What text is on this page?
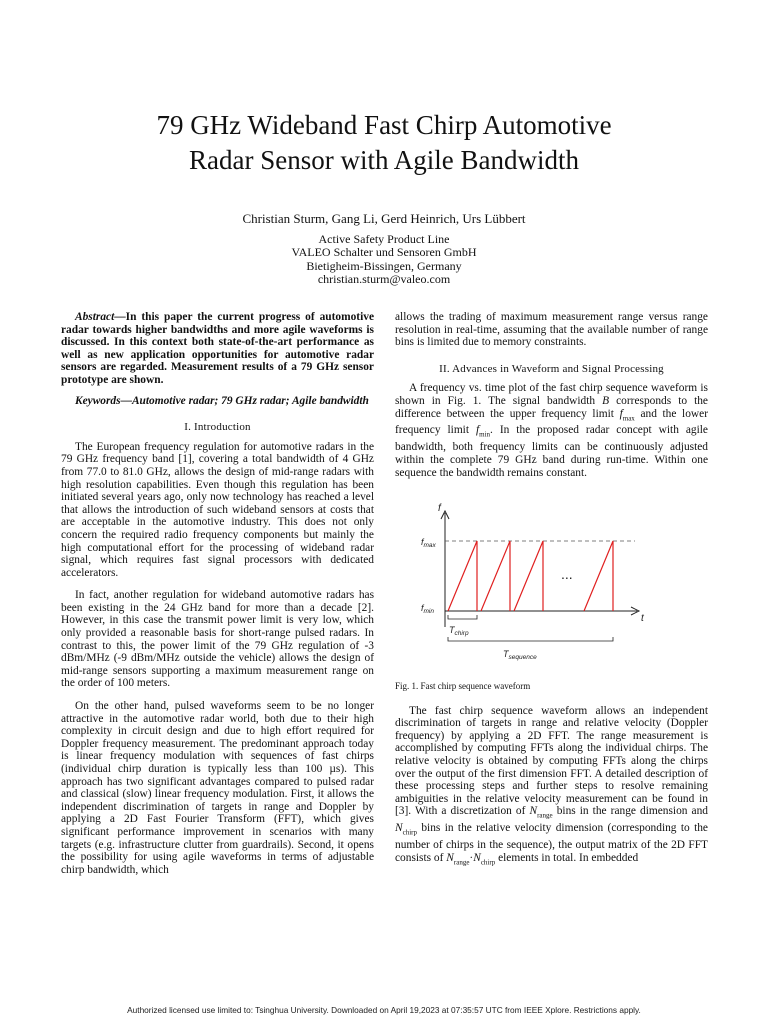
79 GHz Wideband Fast Chirp Automotive
Radar Sensor with Agile Bandwidth
Christian Sturm, Gang Li, Gerd Heinrich, Urs Lübbert
Active Safety Product Line
VALEO Schalter und Sensoren GmbH
Bietigheim-Bissingen, Germany
christian.sturm@valeo.com

Abstract—In this paper the current progress of automotive radar towards higher bandwidths and more agile waveforms is discussed. In this context both state-of-the-art performance as well as new application opportunities for automotive radar sensors are regarded. Measurement results of a 79 GHz sensor prototype are shown.

Keywords—Automotive radar; 79 GHz radar; Agile bandwidth

I. Introduction

The European frequency regulation for automotive radars in the 79 GHz frequency band [1], covering a total bandwidth of 4 GHz from 77.0 to 81.0 GHz, allows the design of mid-range radars with high resolution capabilities. Even though this regulation has been initiated several years ago, only now technology has reached a level that allows the introduction of such wideband sensors at costs that are acceptable in the automotive industry. This does not only concern the required radio frequency components but mainly the high computational effort for the processing of wideband radar signal, which requires fast signal processors with dedicated accelerators.

In fact, another regulation for wideband automotive radars has been existing in the 24 GHz band for more than a decade [2]. However, in this case the transmit power limit is very low, which only provided a reasonable basis for short-range pulsed radars. In contrast to this, the power limit of the 79 GHz regulation of -3 dBm/MHz (-9 dBm/MHz outside the vehicle) allows the design of mid-range sensors supporting a maximum measurement range on the order of 100 meters.

On the other hand, pulsed waveforms seem to be no longer attractive in the automotive radar world, both due to their high complexity in circuit design and due to high effort required for Doppler frequency measurement. The predominant approach today is linear frequency modulation with sequences of fast chirps (individual chirp duration is typically less than 100 µs). This approach has two significant advantages compared to pulsed radar and classical (slow) linear frequency modulation. First, it allows the independent discrimination of targets in range and Doppler by applying a 2D Fast Fourier Transform (FFT), which gives significant performance improvement in scenarios with many targets (e.g. infrastructure clutter from guardrails). Second, it opens the possibility for using agile waveforms in terms of adjustable chirp bandwidth, which

allows the trading of maximum measurement range versus range resolution in real-time, assuming that the available number of range bins is limited due to memory constraints.

II. Advances in Waveform and Signal Processing

A frequency vs. time plot of the fast chirp sequence waveform is shown in Fig. 1. The signal bandwidth B corresponds to the difference between the upper frequency limit $f_{max}$ and the lower frequency limit $f_{min}$. In the proposed radar concept with agile bandwidth, both frequency limits can be continuously adjusted within the complete 79 GHz band during run-time. Within one sequence the bandwidth remains constant.

...
f
t
$f_{max}$
$f_{min}$
$T_{chirp}$
$T_{sequence}$

Fig. 1. Fast chirp sequence waveform

The fast chirp sequence waveform allows an independent discrimination of targets in range and relative velocity (Doppler frequency) by applying a 2D FFT. The range measurement is accomplished by computing FFTs along the individual chirps. The relative velocity is obtained by computing FFTs along the chirps over the output of the first dimension FFT. A detailed description of these processing steps and further steps to resolve remaining ambiguities in the relative velocity measurement can be found in [3]. With a discretization of $N_{range}$ bins in the range dimension and $N_{chirp}$ bins in the relative velocity dimension (corresponding to the number of chirps in the sequence), the output matrix of the 2D FFT consists of $N_{range}\cdot N_{chirp}$ elements in total. In embedded

Authorized licensed use limited to: Tsinghua University. Downloaded on April 19,2023 at 07:35:57 UTC from IEEE Xplore. Restrictions apply.
